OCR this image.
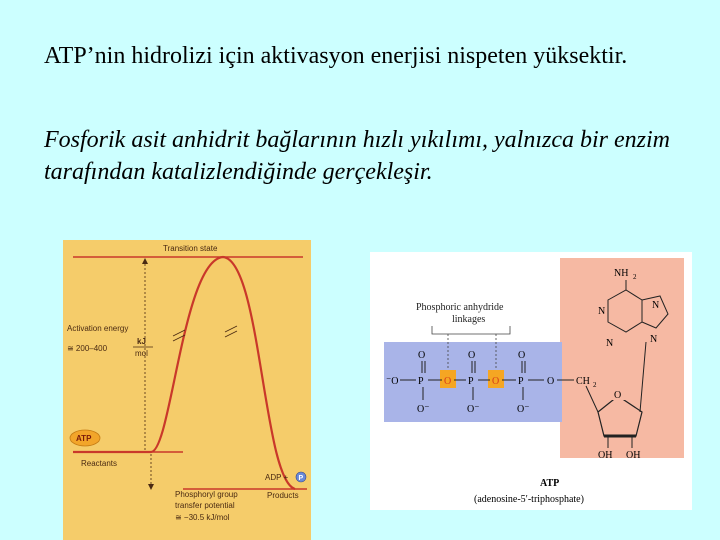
ATP’nin hidrolizi için aktivasyon enerjisi nispeten yüksektir.
Fosforik asit anhidrit bağlarının hızlı yıkılımı, yalnızca bir enzim tarafından katalizlendiğinde gerçekleşir.
Transition state
Activation energy
≅ 200–400
kJ
mol
Reactants
ATP
ADP + P
Products
Phosphoryl group
transfer potential
≅ −30.5 kJ/mol
Phosphoric anhydride
linkages
O	O	O
⁻O P O P O P O CH 2
O⁻	O⁻	O⁻
O
OH OH
NH 2
N
N
N
N
ATP
(adenosine-5′-triphosphate)
